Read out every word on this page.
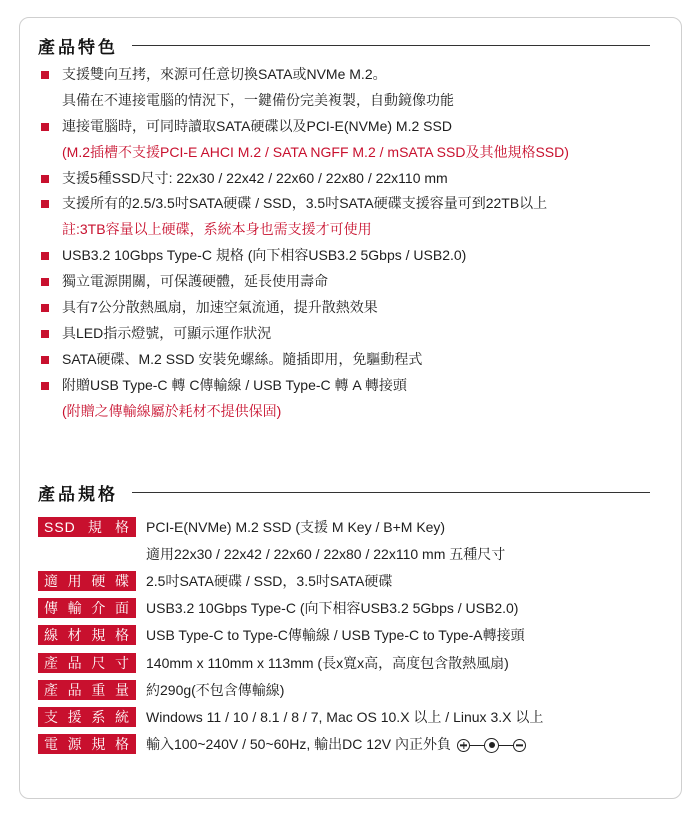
產品特色
支援雙向互拷，來源可任意切換SATA或NVMe M.2。
具備在不連接電腦的情況下，一鍵備份完美複製，自動鏡像功能
連接電腦時，可同時讀取SATA硬碟以及PCI-E(NVMe) M.2 SSD
(M.2插槽不支援PCI-E AHCI M.2 / SATA NGFF M.2 / mSATA SSD及其他規格SSD)
支援5種SSD尺寸: 22x30 / 22x42 / 22x60 / 22x80 / 22x110 mm
支援所有的2.5/3.5吋SATA硬碟 / SSD，3.5吋SATA硬碟支援容量可到22TB以上
註:3TB容量以上硬碟，系統本身也需支援才可使用
USB3.2 10Gbps Type-C 規格 (向下相容USB3.2 5Gbps / USB2.0)
獨立電源開關，可保護硬體，延長使用壽命
具有7公分散熱風扇，加速空氣流通，提升散熱效果
具LED指示燈號，可顯示運作狀況
SATA硬碟、M.2 SSD 安裝免螺絲。隨插即用，免驅動程式
附贈USB Type-C 轉 C傳輸線 / USB Type-C 轉 A 轉接頭
(附贈之傳輸線屬於耗材不提供保固)
產品規格
SSD規格	PCI-E(NVMe) M.2 SSD (支援 M Key / B+M Key)
適用22x30 / 22x42 / 22x60 / 22x80 / 22x110 mm 五種尺寸
適用硬碟	2.5吋SATA硬碟 / SSD，3.5吋SATA硬碟
傳輸介面	USB3.2 10Gbps Type-C (向下相容USB3.2 5Gbps / USB2.0)
線材規格	USB Type-C to Type-C傳輸線 / USB Type-C to Type-A轉接頭
產品尺寸	140mm x 110mm x 113mm (長x寬x高，高度包含散熱風扇)
產品重量	約290g(不包含傳輸線)
支援系統	Windows 11 / 10 / 8.1 / 8 / 7, Mac OS 10.X 以上 / Linux 3.X 以上
電源規格	輸入100~240V / 50~60Hz, 輸出DC 12V 內正外負
